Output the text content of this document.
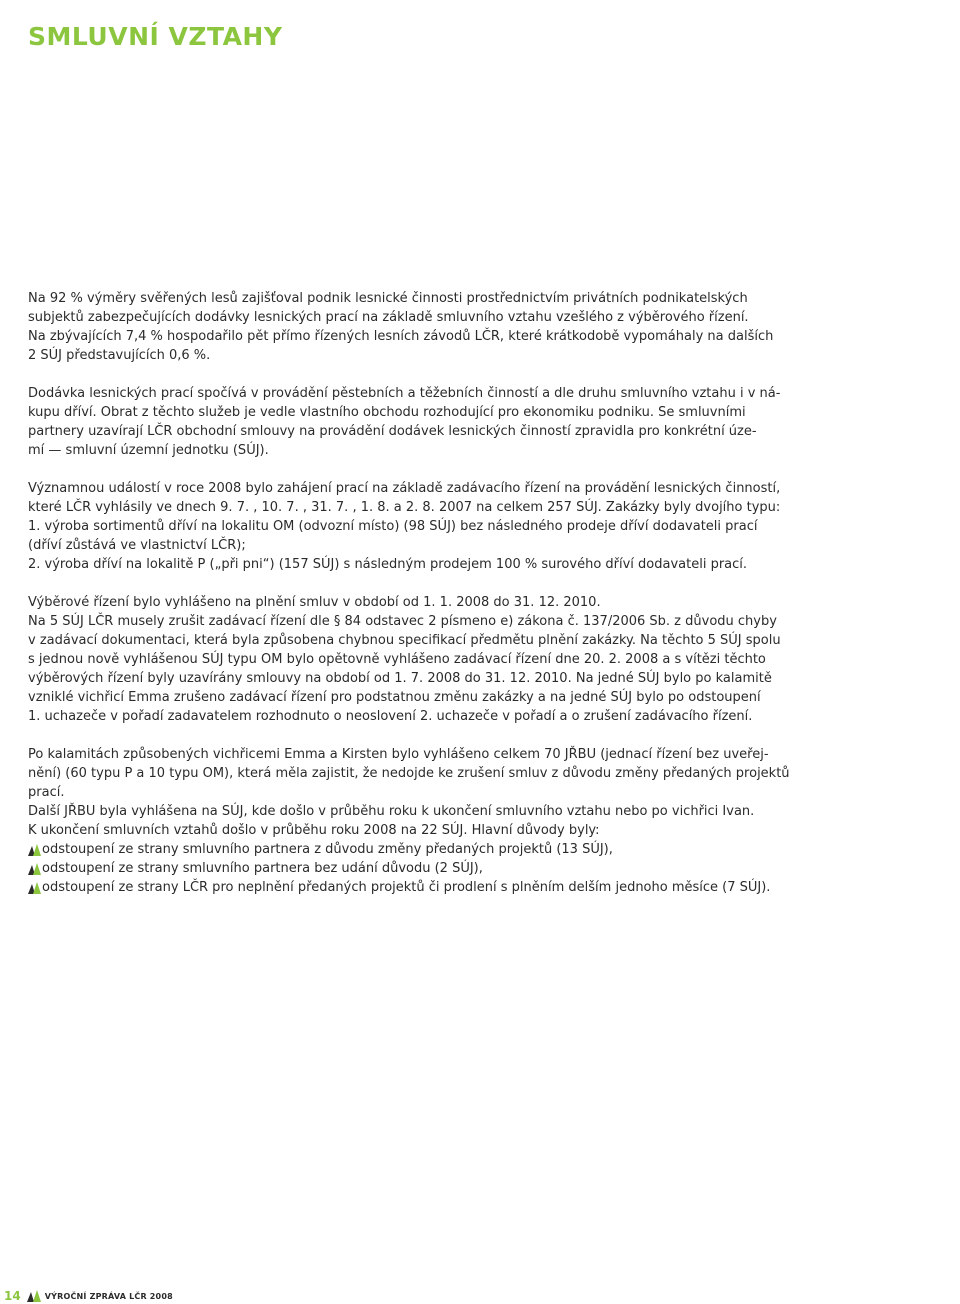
SMLUVNÍ VZTAHY

Na 92 % výměry svěřených lesů zajišťoval podnik lesnické činnosti prostřednictvím privátních podnikatelských
subjektů zabezpečujících dodávky lesnických prací na základě smluvního vztahu vzešlého z výběrového řízení.
Na zbývajících 7,4 % hospodařilo pět přímo řízených lesních závodů LČR, které krátkodobě vypomáhaly na dalších
2 SÚJ představujících 0,6 %.

Dodávka lesnických prací spočívá v provádění pěstebních a těžebních činností a dle druhu smluvního vztahu i v ná-
kupu dříví. Obrat z těchto služeb je vedle vlastního obchodu rozhodující pro ekonomiku podniku. Se smluvními
partnery uzavírají LČR obchodní smlouvy na provádění dodávek lesnických činností zpravidla pro konkrétní úze-
mí — smluvní územní jednotku (SÚJ).

Významnou událostí v roce 2008 bylo zahájení prací na základě zadávacího řízení na provádění lesnických činností,
které LČR vyhlásily ve dnech 9. 7. , 10. 7. , 31. 7. , 1. 8. a 2. 8. 2007 na celkem 257 SÚJ. Zakázky byly dvojího typu:
1. výroba sortimentů dříví na lokalitu OM (odvozní místo) (98 SÚJ) bez následného prodeje dříví dodavateli prací
(dříví zůstává ve vlastnictví LČR);
2. výroba dříví na lokalitě P („při pni“) (157 SÚJ) s následným prodejem 100 % surového dříví dodavateli prací.

Výběrové řízení bylo vyhlášeno na plnění smluv v období od 1. 1. 2008 do 31. 12. 2010.
Na 5 SÚJ LČR musely zrušit zadávací řízení dle § 84 odstavec 2 písmeno e) zákona č. 137/2006 Sb. z důvodu chyby
v zadávací dokumentaci, která byla způsobena chybnou specifikací předmětu plnění zakázky. Na těchto 5 SÚJ spolu
s jednou nově vyhlášenou SÚJ typu OM bylo opětovně vyhlášeno zadávací řízení dne 20. 2. 2008 a s vítězi těchto
výběrových řízení byly uzavírány smlouvy na období od 1. 7. 2008 do 31. 12. 2010. Na jedné SÚJ bylo po kalamitě
vzniklé vichřicí Emma zrušeno zadávací řízení pro podstatnou změnu zakázky a na jedné SÚJ bylo po odstoupení
1. uchazeče v pořadí zadavatelem rozhodnuto o neoslovení 2. uchazeče v pořadí a o zrušení zadávacího řízení.

Po kalamitách způsobených vichřicemi Emma a Kirsten bylo vyhlášeno celkem 70 JŘBU (jednací řízení bez uveřej-
nění) (60 typu P a 10 typu OM), která měla zajistit, že nedojde ke zrušení smluv z důvodu změny předaných projektů
prací.
Další JŘBU byla vyhlášena na SÚJ, kde došlo v průběhu roku k ukončení smluvního vztahu nebo po vichřici Ivan.
K ukončení smluvních vztahů došlo v průběhu roku 2008 na 22 SÚJ. Hlavní důvody byly:

odstoupení ze strany smluvního partnera z důvodu změny předaných projektů (13 SÚJ),
odstoupení ze strany smluvního partnera bez udání důvodu (2 SÚJ),
odstoupení ze strany LČR pro neplnění předaných projektů či prodlení s plněním delším jednoho měsíce (7 SÚJ).
14	VÝROČNÍ ZPRÁVA LČR 2008
